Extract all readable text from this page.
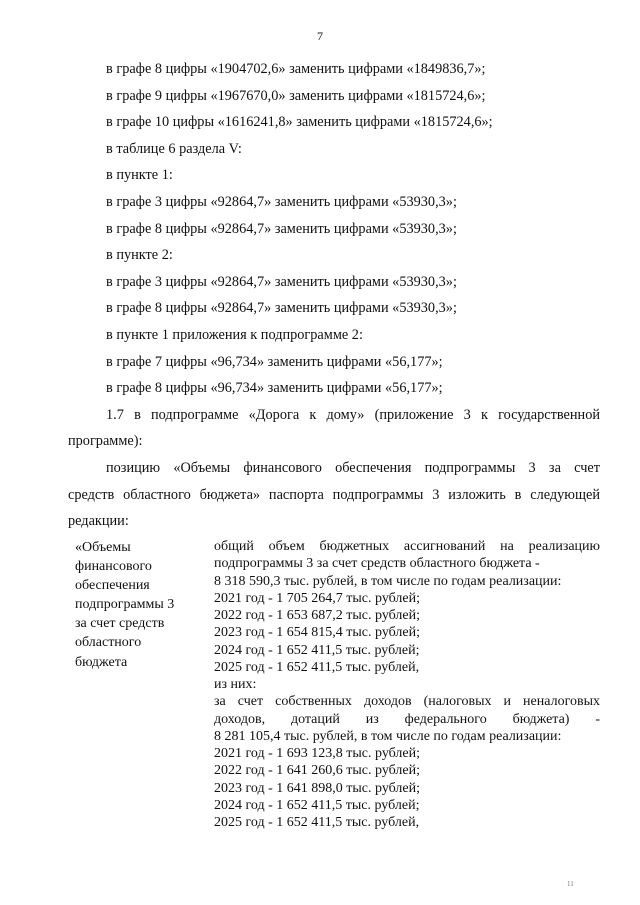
7
в графе 8 цифры «1904702,6» заменить цифрами «1849836,7»;
в графе 9 цифры «1967670,0» заменить цифрами «1815724,6»;
в графе 10 цифры «1616241,8» заменить цифрами «1815724,6»;
в таблице 6 раздела V:
в пункте 1:
в графе 3 цифры «92864,7» заменить цифрами «53930,3»;
в графе 8 цифры «92864,7» заменить цифрами «53930,3»;
в пункте 2:
в графе 3 цифры «92864,7» заменить цифрами «53930,3»;
в графе 8 цифры «92864,7» заменить цифрами «53930,3»;
в пункте 1 приложения к подпрограмме 2:
в графе 7 цифры «96,734» заменить цифрами «56,177»;
в графе 8 цифры «96,734» заменить цифрами «56,177»;
1.7 в подпрограмме «Дорога к дому» (приложение 3 к государственной
программе):
позицию «Объемы финансового обеспечения подпрограммы 3 за счет
средств областного бюджета» паспорта подпрограммы 3 изложить в следующей
редакции:
«Объемы
финансового
обеспечения
подпрограммы 3
за счет средств
областного
бюджета
общий объем бюджетных ассигнований на реализацию
подпрограммы 3 за счет средств областного бюджета -
8 318 590,3 тыс. рублей, в том числе по годам реализации:
2021 год - 1 705 264,7 тыс. рублей;
2022 год - 1 653 687,2 тыс. рублей;
2023 год - 1 654 815,4 тыс. рублей;
2024 год - 1 652 411,5 тыс. рублей;
2025 год - 1 652 411,5 тыс. рублей,
из них:
за счет собственных доходов (налоговых и неналоговых
доходов, дотаций из федерального бюджета) -
8 281 105,4 тыс. рублей, в том числе по годам реализации:
2021 год - 1 693 123,8 тыс. рублей;
2022 год - 1 641 260,6 тыс. рублей;
2023 год - 1 641 898,0 тыс. рублей;
2024 год - 1 652 411,5 тыс. рублей;
2025 год - 1 652 411,5 тыс. рублей,
11
